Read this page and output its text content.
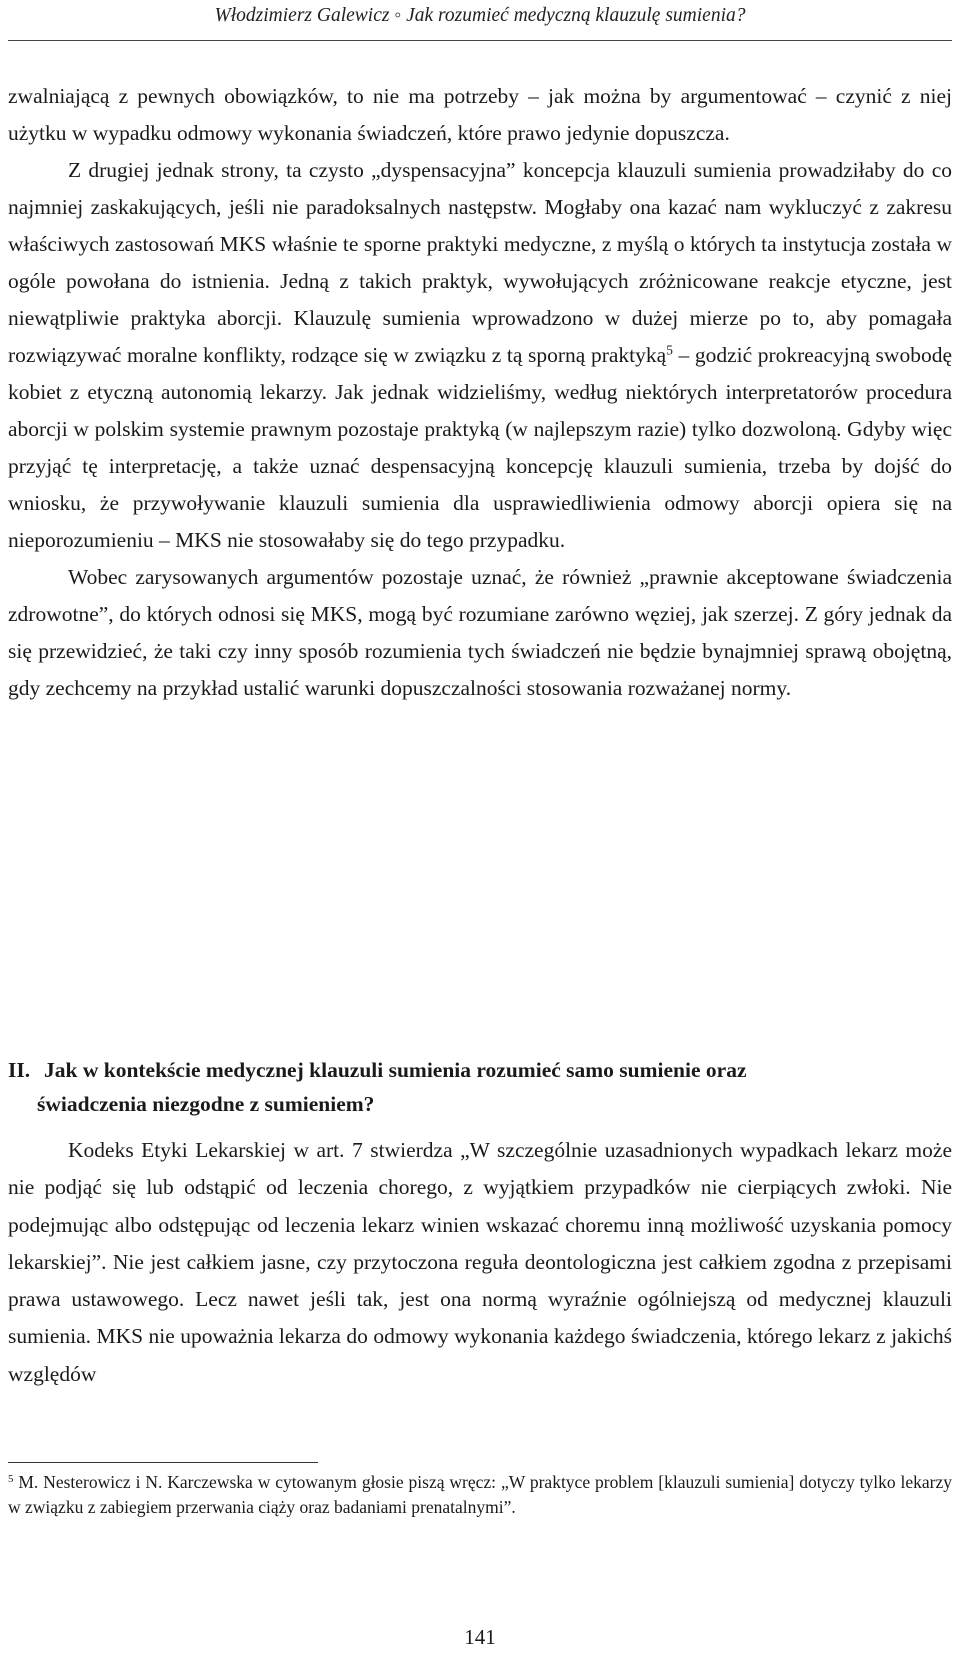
Włodzimierz Galewicz ◦ Jak rozumieć medyczną klauzulę sumienia?

zwalniającą z pewnych obowiązków, to nie ma potrzeby – jak można by argumentować – czynić z niej użytku w wypadku odmowy wykonania świadczeń, które prawo jedynie dopuszcza.

Z drugiej jednak strony, ta czysto „dyspensacyjna” koncepcja klauzuli sumienia prowadziłaby do co najmniej zaskakujących, jeśli nie paradoksalnych następstw. Mogłaby ona kazać nam wykluczyć z zakresu właściwych zastosowań MKS właśnie te sporne praktyki medyczne, z myślą o których ta instytucja została w ogóle powołana do istnienia. Jedną z takich praktyk, wywołujących zróżnicowane reakcje etyczne, jest niewątpliwie praktyka aborcji. Klauzulę sumienia wprowadzono w dużej mierze po to, aby pomagała rozwiązywać moralne konflikty, rodzące się w związku z tą sporną praktyką$^5$ – godzić prokreacyjną swobodę kobiet z etyczną autonomią lekarzy. Jak jednak widzieliśmy, według niektórych interpretatorów procedura aborcji w polskim systemie prawnym pozostaje praktyką (w najlepszym razie) tylko dozwoloną. Gdyby więc przyjąć tę interpretację, a także uznać despensacyjną koncepcję klauzuli sumienia, trzeba by dojść do wniosku, że przywoływanie klauzuli sumienia dla usprawiedliwienia odmowy aborcji opiera się na nieporozumieniu – MKS nie stosowałaby się do tego przypadku.

Wobec zarysowanych argumentów pozostaje uznać, że również „prawnie akceptowane świadczenia zdrowotne”, do których odnosi się MKS, mogą być rozumiane zarówno węziej, jak szerzej. Z góry jednak da się przewidzieć, że taki czy inny sposób rozumienia tych świadczeń nie będzie bynajmniej sprawą obojętną, gdy zechcemy na przykład ustalić warunki dopuszczalności stosowania rozważanej normy.

II. Jak w kontekście medycznej klauzuli sumienia rozumieć samo sumienie oraz
świadczenia niezgodne z sumieniem?

Kodeks Etyki Lekarskiej w art. 7 stwierdza „W szczególnie uzasadnionych wypadkach lekarz może nie podjąć się lub odstąpić od leczenia chorego, z wyjątkiem przypadków nie cierpiących zwłoki. Nie podejmując albo odstępując od leczenia lekarz winien wskazać choremu inną możliwość uzyskania pomocy lekarskiej”. Nie jest całkiem jasne, czy przytoczona reguła deontologiczna jest całkiem zgodna z przepisami prawa ustawowego. Lecz nawet jeśli tak, jest ona normą wyraźnie ogólniejszą od medycznej klauzuli sumienia. MKS nie upoważnia lekarza do odmowy wykonania każdego świadczenia, którego lekarz z jakichś względów

$^5$ M. Nesterowicz i N. Karczewska w cytowanym głosie piszą wręcz: „W praktyce problem [klauzuli sumienia] dotyczy tylko lekarzy w związku z zabiegiem przerwania ciąży oraz badaniami prenatalnymi”.
141
